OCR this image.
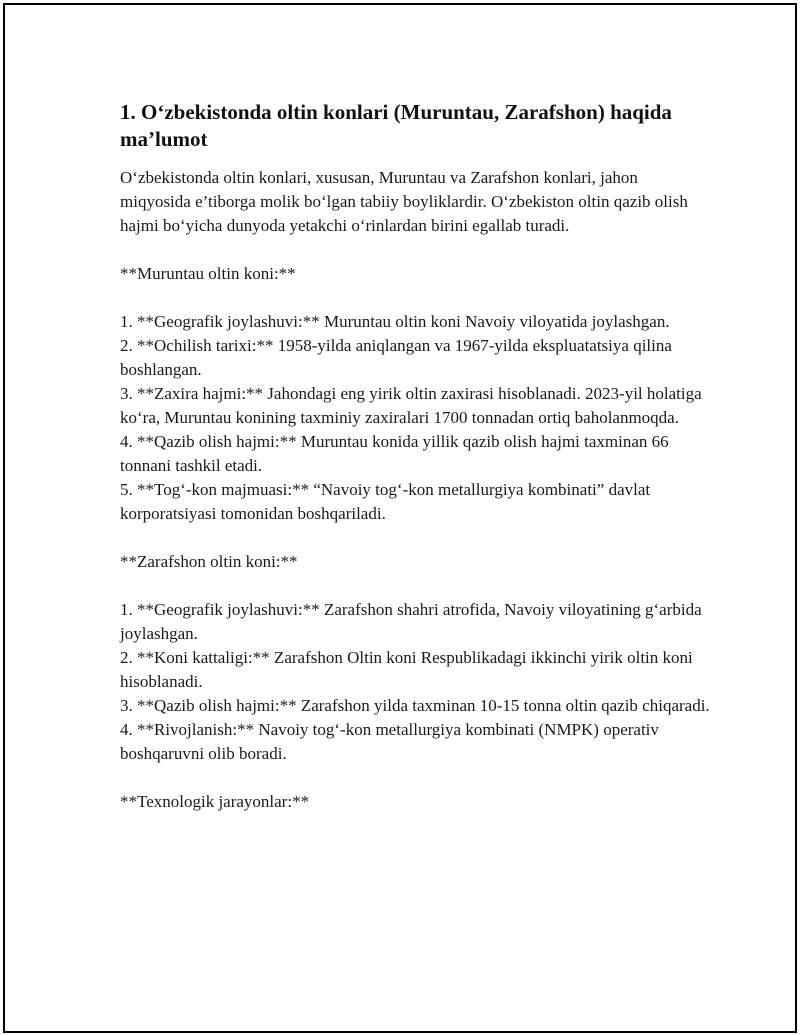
1. O‘zbekistonda oltin konlari (Muruntau, Zarafshon) haqida ma’lumot

O‘zbekistonda oltin konlari, xususan, Muruntau va Zarafshon konlari, jahon miqyosida e’tiborga molik bo‘lgan tabiiy boyliklardir. O‘zbekiston oltin qazib olish hajmi bo‘yicha dunyoda yetakchi o‘rinlardan birini egallab turadi.

**Muruntau oltin koni:**

1. **Geografik joylashuvi:** Muruntau oltin koni Navoiy viloyatida joylashgan.

2. **Ochilish tarixi:** 1958-yilda aniqlangan va 1967-yilda ekspluatatsiya qilina boshlangan.

3. **Zaxira hajmi:** Jahondagi eng yirik oltin zaxirasi hisoblanadi. 2023-yil holatiga ko‘ra, Muruntau konining taxminiy zaxiralari 1700 tonnadan ortiq baholanmoqda.

4. **Qazib olish hajmi:** Muruntau konida yillik qazib olish hajmi taxminan 66 tonnani tashkil etadi.

5. **Tog‘-kon majmuasi:** “Navoiy tog‘-kon metallurgiya kombinati” davlat korporatsiyasi tomonidan boshqariladi.

**Zarafshon oltin koni:**

1. **Geografik joylashuvi:** Zarafshon shahri atrofida, Navoiy viloyatining g‘arbida joylashgan.

2. **Koni kattaligi:** Zarafshon Oltin koni Respublikadagi ikkinchi yirik oltin koni hisoblanadi.

3. **Qazib olish hajmi:** Zarafshon yilda taxminan 10-15 tonna oltin qazib chiqaradi.

4. **Rivojlanish:** Navoiy tog‘-kon metallurgiya kombinati (NMPK) operativ boshqaruvni olib boradi.

**Texnologik jarayonlar:**
